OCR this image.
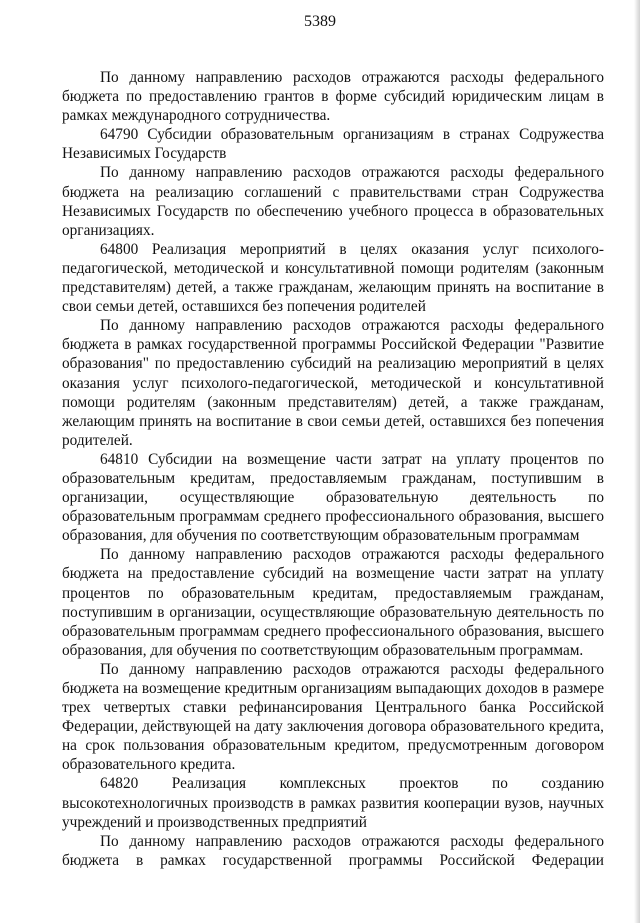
5389

По данному направлению расходов отражаются расходы федерального бюджета по предоставлению грантов в форме субсидий юридическим лицам в рамках международного сотрудничества.

64790 Субсидии образовательным организациям в странах Содружества Независимых Государств

По данному направлению расходов отражаются расходы федерального бюджета на реализацию соглашений с правительствами стран Содружества Независимых Государств по обеспечению учебного процесса в образовательных организациях.

64800 Реализация мероприятий в целях оказания услуг психолого-педагогической, методической и консультативной помощи родителям (законным представителям) детей, а также гражданам, желающим принять на воспитание в свои семьи детей, оставшихся без попечения родителей

По данному направлению расходов отражаются расходы федерального бюджета в рамках государственной программы Российской Федерации "Развитие образования" по предоставлению субсидий на реализацию мероприятий в целях оказания услуг психолого-педагогической, методической и консультативной помощи родителям (законным представителям) детей, а также гражданам, желающим принять на воспитание в свои семьи детей, оставшихся без попечения родителей.

64810 Субсидии на возмещение части затрат на уплату процентов по образовательным кредитам, предоставляемым гражданам, поступившим в организации, осуществляющие образовательную деятельность по образовательным программам среднего профессионального образования, высшего образования, для обучения по соответствующим образовательным программам

По данному направлению расходов отражаются расходы федерального бюджета на предоставление субсидий на возмещение части затрат на уплату процентов по образовательным кредитам, предоставляемым гражданам, поступившим в организации, осуществляющие образовательную деятельность по образовательным программам среднего профессионального образования, высшего образования, для обучения по соответствующим образовательным программам.

По данному направлению расходов отражаются расходы федерального бюджета на возмещение кредитным организациям выпадающих доходов в размере трех четвертых ставки рефинансирования Центрального банка Российской Федерации, действующей на дату заключения договора образовательного кредита, на срок пользования образовательным кредитом, предусмотренным договором образовательного кредита.

64820 Реализация комплексных проектов по созданию высокотехнологичных производств в рамках развития кооперации вузов, научных учреждений и производственных предприятий

По данному направлению расходов отражаются расходы федерального бюджета в рамках государственной программы Российской Федерации
